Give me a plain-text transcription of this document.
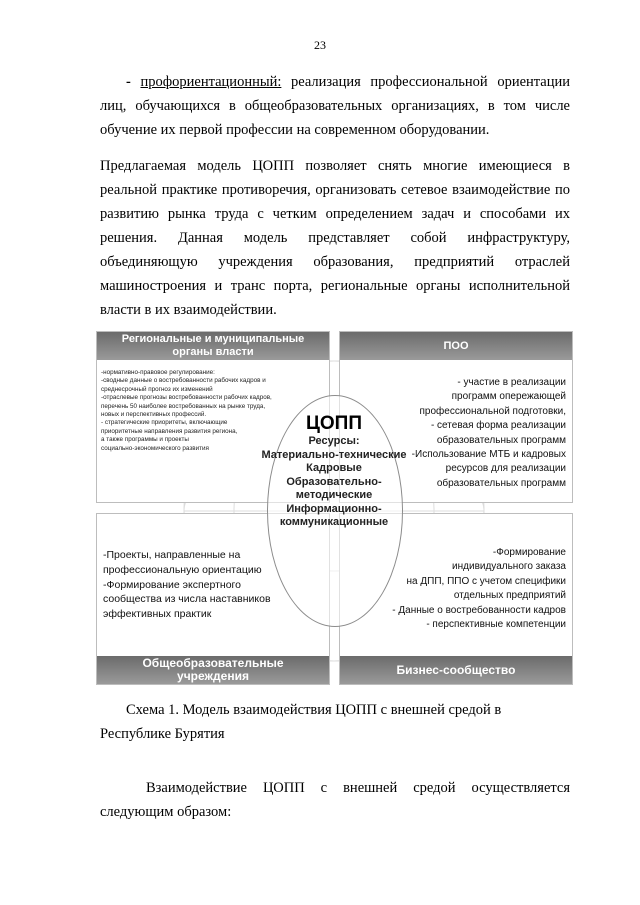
23
- профориентационный: реализация профессиональной ориентации лиц, обучающихся в общеобразовательных организациях, в том числе обучение их первой профессии на современном оборудовании.
Предлагаемая модель ЦОПП позволяет снять многие имеющиеся в реальной практике противоречия, организовать сетевое взаимодействие по развитию рынка труда с четким определением задач и способами их решения. Данная модель представляет собой инфраструктуру, объединяющую учреждения образования, предприятий отраслей машиностроения и транс порта, региональные органы исполнительной власти в их взаимодействии.
Региональные и муниципальные
органы власти
-нормативно-правовое регулирование:
-сводные данные о востребованности рабочих кадров и
среднесрочный прогноз их изменений
-отраслевые прогнозы востребованности рабочих кадров,
перечень 50 наиболее востребованных на рынке труда,
новых и перспективных профессий.
- стратегические приоритеты, включающие
приоритетные направления развития региона,
а также программы и проекты
социально-экономического развития
ПОО
- участие в реализации
программ опережающей
профессиональной подготовки,
- сетевая форма реализации
образовательных программ
-Использование МТБ и кадровых
ресурсов для реализации
образовательных программ
-Проекты, направленные на
профессиональную ориентацию
-Формирование экспертного
сообщества из числа наставников
эффективных практик
Общеобразовательные
учреждения
-Формирование
индивидуального заказа
на ДПП, ППО с учетом специфики
отдельных предприятий
- Данные о востребованности кадров
- перспективные компетенции
Бизнес-сообщество
ЦОПП
Ресурсы:
Материально-технические
Кадровые
Образовательно-
методические
Информационно-
коммуникационные
Схема 1. Модель взаимодействия ЦОПП с внешней средой в Республике Бурятия
Взаимодействие ЦОПП с внешней средой осуществляется следующим образом:
